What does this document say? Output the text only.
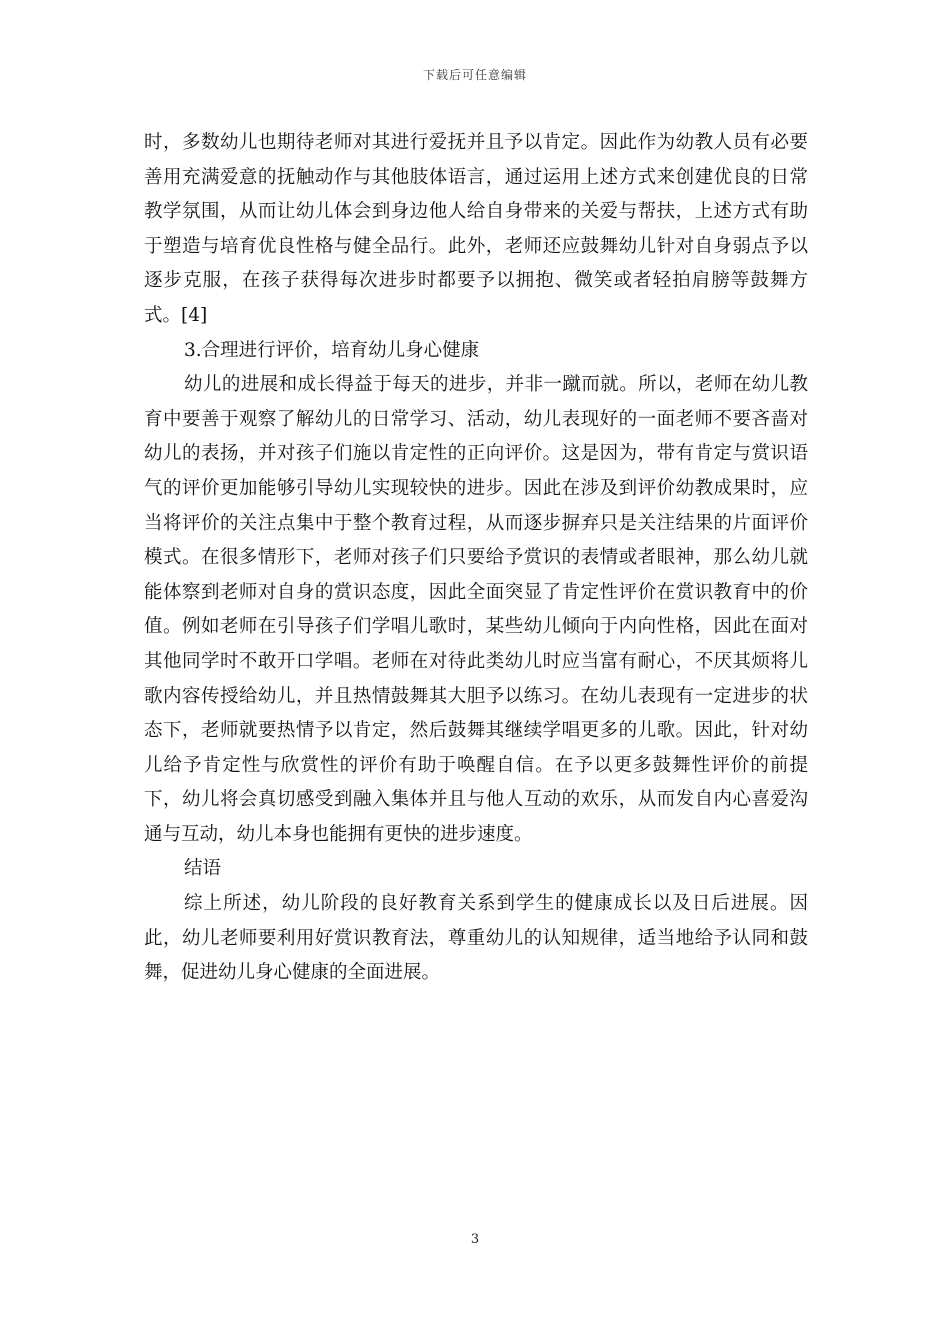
下载后可任意编辑

时，多数幼儿也期待老师对其进行爱抚并且予以肯定。因此作为幼教人员有必要善用充满爱意的抚触动作与其他肢体语言，通过运用上述方式来创建优良的日常教学氛围，从而让幼儿体会到身边他人给自身带来的关爱与帮扶，上述方式有助于塑造与培育优良性格与健全品行。此外，老师还应鼓舞幼儿针对自身弱点予以逐步克服，在孩子获得每次进步时都要予以拥抱、微笑或者轻拍肩膀等鼓舞方式。[4]

3.合理进行评价，培育幼儿身心健康

幼儿的进展和成长得益于每天的进步，并非一蹴而就。所以，老师在幼儿教育中要善于观察了解幼儿的日常学习、活动，幼儿表现好的一面老师不要吝啬对幼儿的表扬，并对孩子们施以肯定性的正向评价。这是因为，带有肯定与赏识语气的评价更加能够引导幼儿实现较快的进步。因此在涉及到评价幼教成果时，应当将评价的关注点集中于整个教育过程，从而逐步摒弃只是关注结果的片面评价模式。在很多情形下，老师对孩子们只要给予赏识的表情或者眼神，那么幼儿就能体察到老师对自身的赏识态度，因此全面突显了肯定性评价在赏识教育中的价值。例如老师在引导孩子们学唱儿歌时，某些幼儿倾向于内向性格，因此在面对其他同学时不敢开口学唱。老师在对待此类幼儿时应当富有耐心，不厌其烦将儿歌内容传授给幼儿，并且热情鼓舞其大胆予以练习。在幼儿表现有一定进步的状态下，老师就要热情予以肯定，然后鼓舞其继续学唱更多的儿歌。因此，针对幼儿给予肯定性与欣赏性的评价有助于唤醒自信。在予以更多鼓舞性评价的前提下，幼儿将会真切感受到融入集体并且与他人互动的欢乐，从而发自内心喜爱沟通与互动，幼儿本身也能拥有更快的进步速度。

结语

综上所述，幼儿阶段的良好教育关系到学生的健康成长以及日后进展。因此，幼儿老师要利用好赏识教育法，尊重幼儿的认知规律，适当地给予认同和鼓舞，促进幼儿身心健康的全面进展。

3
